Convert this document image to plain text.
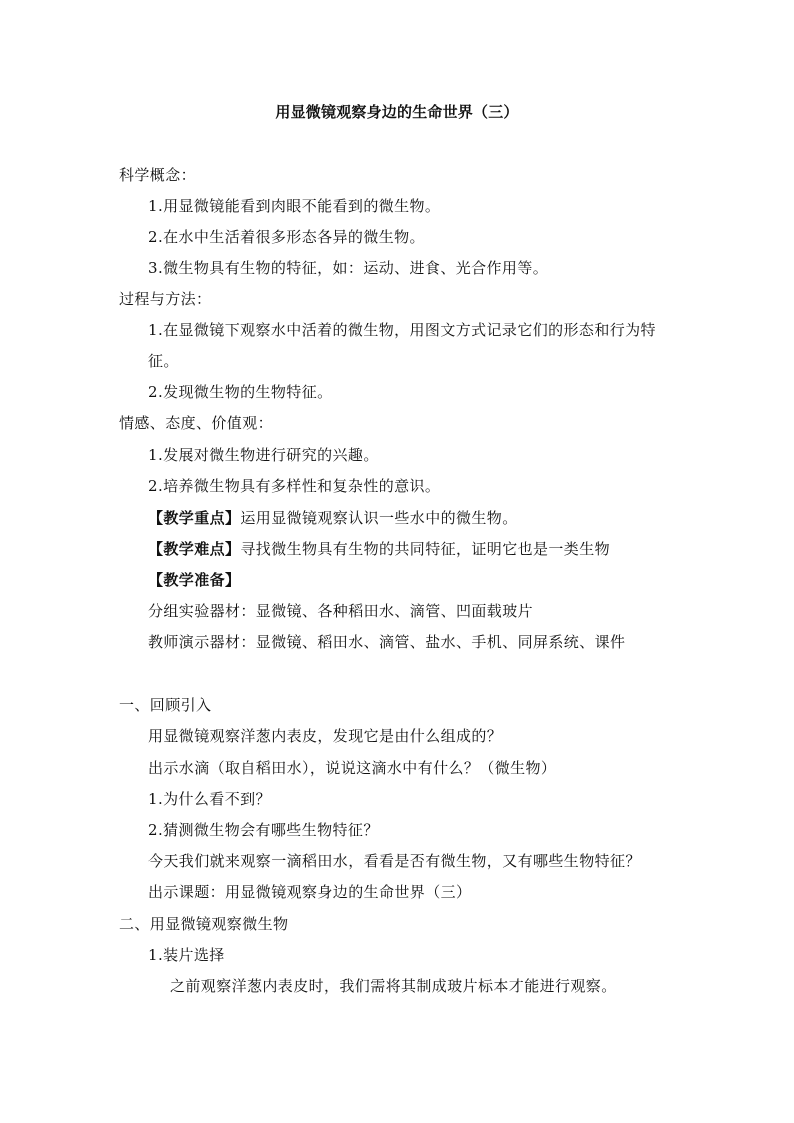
用显微镜观察身边的生命世界（三）
科学概念：
1.用显微镜能看到肉眼不能看到的微生物。
2.在水中生活着很多形态各异的微生物。
3.微生物具有生物的特征，如：运动、进食、光合作用等。
过程与方法：
1.在显微镜下观察水中活着的微生物，用图文方式记录它们的形态和行为特
征。
2.发现微生物的生物特征。
情感、态度、价值观：
1.发展对微生物进行研究的兴趣。
2.培养微生物具有多样性和复杂性的意识。
【教学重点】运用显微镜观察认识一些水中的微生物。
【教学难点】寻找微生物具有生物的共同特征，证明它也是一类生物
【教学准备】
分组实验器材：显微镜、各种稻田水、滴管、凹面载玻片
教师演示器材：显微镜、稻田水、滴管、盐水、手机、同屏系统、课件
一、回顾引入
用显微镜观察洋葱内表皮，发现它是由什么组成的？
出示水滴（取自稻田水），说说这滴水中有什么？（微生物）
1.为什么看不到？
2.猜测微生物会有哪些生物特征？
今天我们就来观察一滴稻田水，看看是否有微生物，又有哪些生物特征？
出示课题：用显微镜观察身边的生命世界（三）
二、用显微镜观察微生物
1.装片选择
之前观察洋葱内表皮时，我们需将其制成玻片标本才能进行观察。
